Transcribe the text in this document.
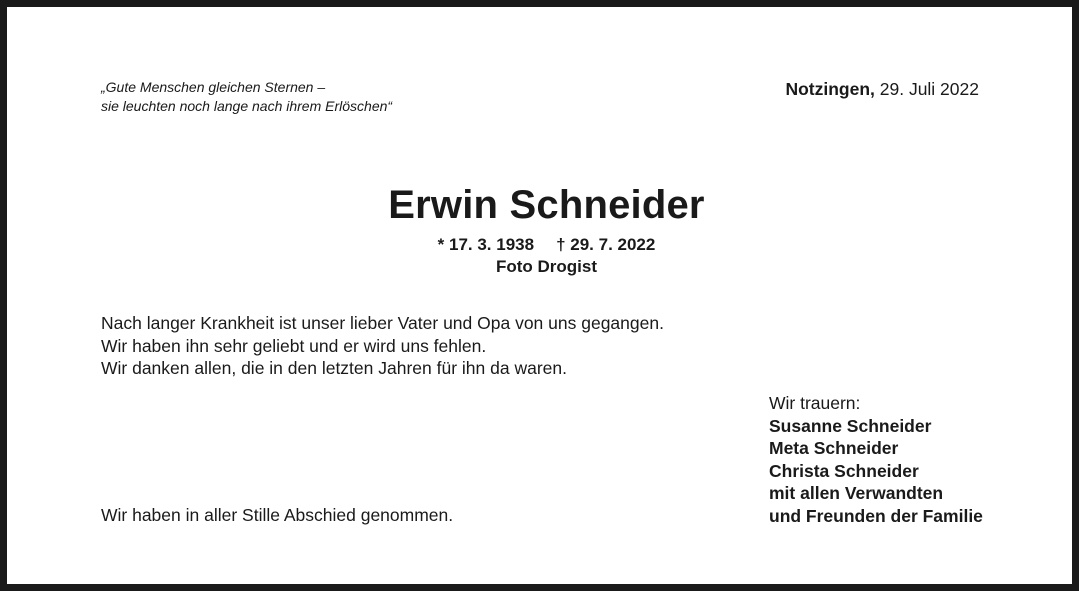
„Gute Menschen gleichen Sternen –
sie leuchten noch lange nach ihrem Erlöschen“
Notzingen, 29. Juli 2022
Erwin Schneider
* 17. 3. 1938 † 29. 7. 2022
Foto Drogist
Nach langer Krankheit ist unser lieber Vater und Opa von uns gegangen.
Wir haben ihn sehr geliebt und er wird uns fehlen.
Wir danken allen, die in den letzten Jahren für ihn da waren.
Wir trauern:
Susanne Schneider
Meta Schneider
Christa Schneider
mit allen Verwandten
und Freunden der Familie
Wir haben in aller Stille Abschied genommen.
